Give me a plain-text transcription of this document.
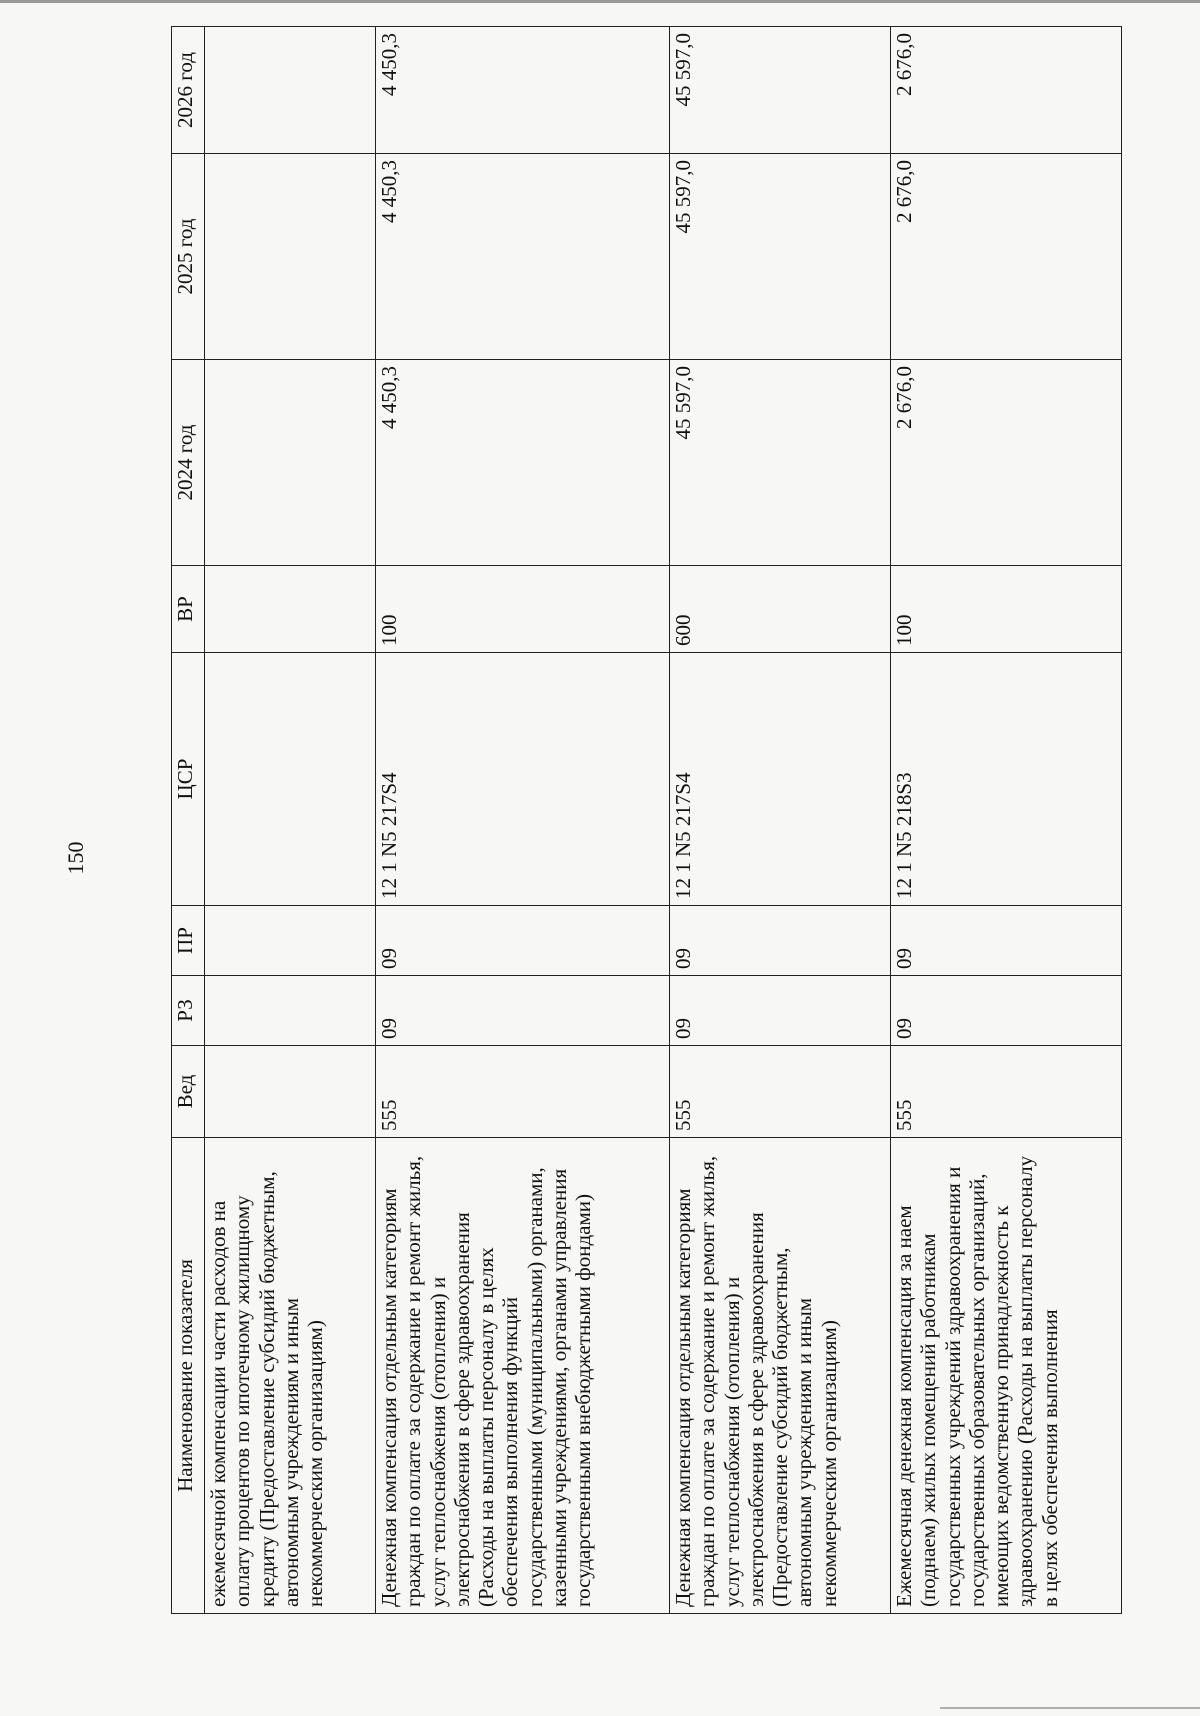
150
Наименование показателя	Вед	РЗ	ПР	ЦСР	ВР	2024 год	2025 год	2026 год
ежемесячной компенсации части расходов на оплату процентов по ипотечному жилищному кредиту (Предоставление субсидий бюджетным, автономным учреждениям и иным некоммерческим организациям)								
Денежная компенсация отдельным категориям граждан по оплате за содержание и ремонт жилья, услуг теплоснабжения (отопления) и электроснабжения в сфере здравоохранения (Расходы на выплаты персоналу в целях обеспечения выполнения функций государственными (муниципальными) органами, казенными учреждениями, органами управления государственными внебюджетными фондами)	555	09	09	12 1 N5 217S4	100	4 450,3	4 450,3	4 450,3
Денежная компенсация отдельным категориям граждан по оплате за содержание и ремонт жилья, услуг теплоснабжения (отопления) и электроснабжения в сфере здравоохранения (Предоставление субсидий бюджетным, автономным учреждениям и иным некоммерческим организациям)	555	09	09	12 1 N5 217S4	600	45 597,0	45 597,0	45 597,0
Ежемесячная денежная компенсация за наем (поднаем) жилых помещений работникам государственных учреждений здравоохранения и государственных образовательных организаций, имеющих ведомственную принадлежность к здравоохранению (Расходы на выплаты персоналу в целях обеспечения выполнения	555	09	09	12 1 N5 218S3	100	2 676,0	2 676,0	2 676,0
